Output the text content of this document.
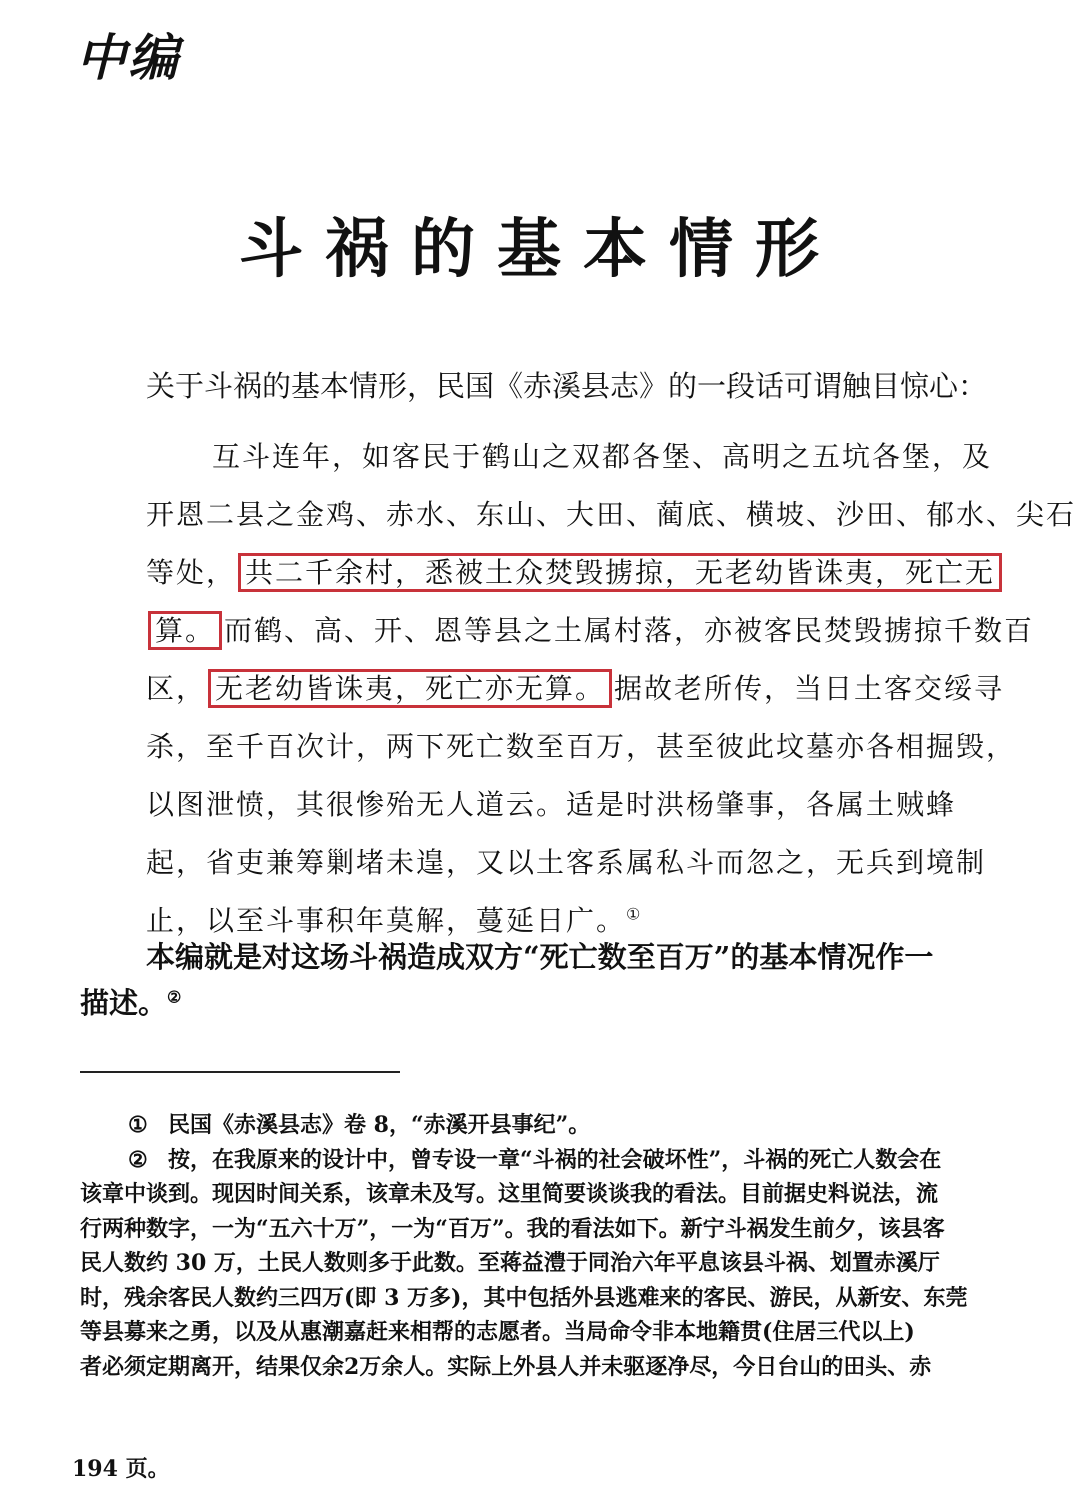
中编
斗祸的基本情形
关于斗祸的基本情形，民国《赤溪县志》的一段话可谓触目惊心：
互斗连年，如客民于鹤山之双都各堡、高明之五坑各堡，及
开恩二县之金鸡、赤水、东山、大田、蔺底、横坡、沙田、郁水、尖石
等处， 共二千余村，悉被土众焚毁掳掠，无老幼皆诛夷，死亡无
算。 而鹤、高、开、恩等县之土属村落，亦被客民焚毁掳掠千数百
区， 无老幼皆诛夷，死亡亦无算。 据故老所传，当日土客交绥寻
杀，至千百次计，两下死亡数至百万，甚至彼此坟墓亦各相掘毁，
以图泄愤，其很惨殆无人道云。适是时洪杨肇事，各属土贼蜂
起，省吏兼筹剿堵未遑，又以土客系属私斗而忽之，无兵到境制
止，以至斗事积年莫解，蔓延日广。①
本编就是对这场斗祸造成双方“死亡数至百万”的基本情况作一
描述。②
① 民国《赤溪县志》卷 8，“赤溪开县事纪”。
② 按，在我原来的设计中，曾专设一章“斗祸的社会破坏性”，斗祸的死亡人数会在
该章中谈到。现因时间关系，该章未及写。这里简要谈谈我的看法。目前据史料说法，流
行两种数字，一为“五六十万”，一为“百万”。我的看法如下。新宁斗祸发生前夕，该县客
民人数约 30 万，土民人数则多于此数。至蒋益澧于同治六年平息该县斗祸、划置赤溪厅
时，残余客民人数约三四万(即 3 万多)，其中包括外县逃难来的客民、游民，从新安、东莞
等县募来之勇，以及从惠潮嘉赶来相帮的志愿者。当局命令非本地籍贯(住居三代以上)
者必须定期离开，结果仅余2万余人。实际上外县人并未驱逐净尽，今日台山的田头、赤
194 页。
